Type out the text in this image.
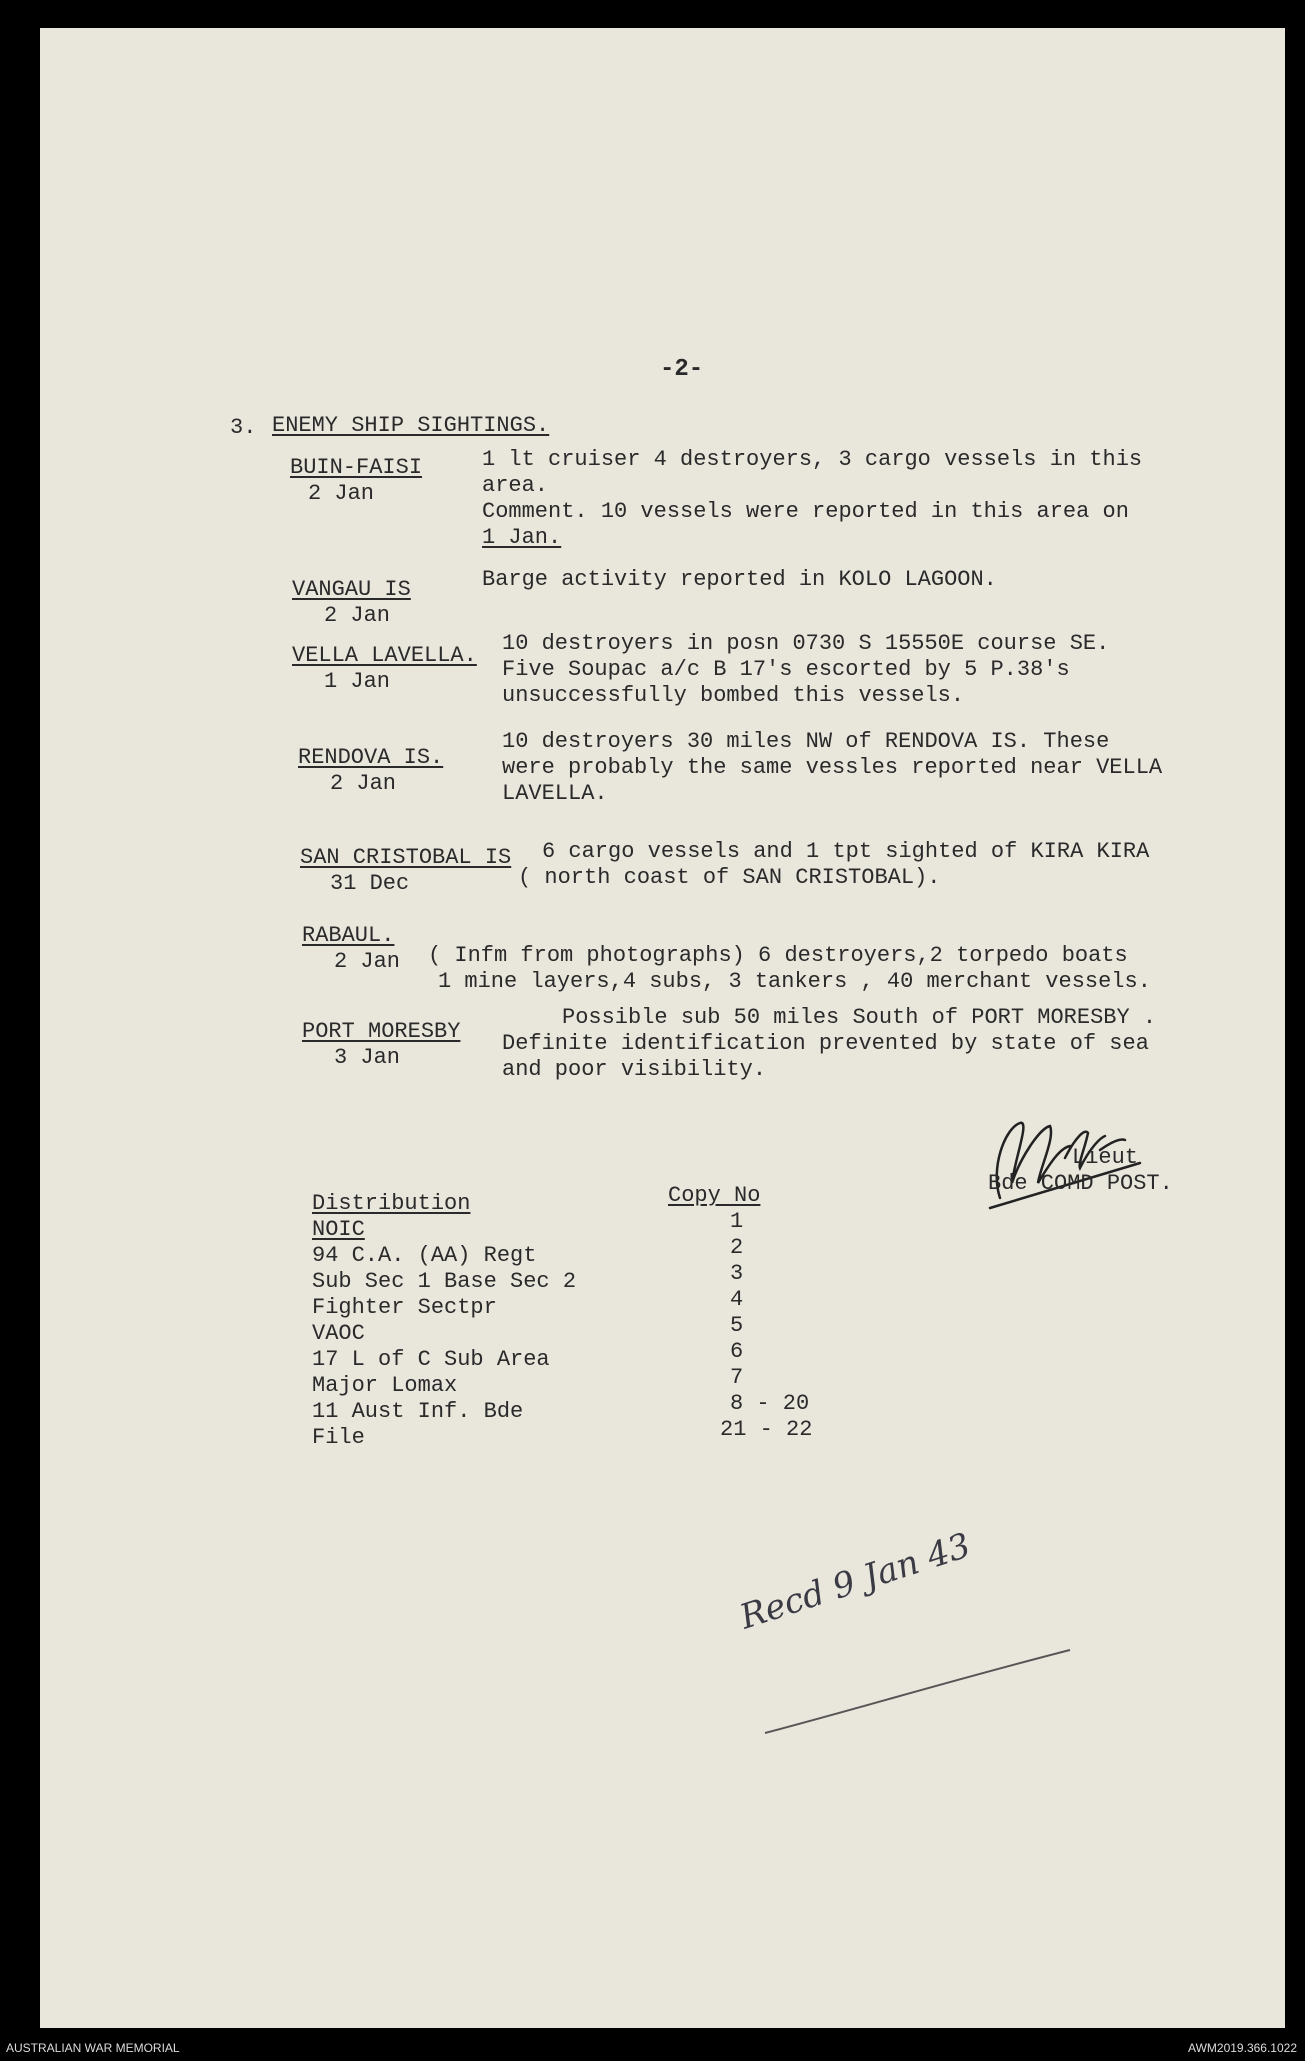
-2-
3. ENEMY SHIP SIGHTINGS.
BUIN-FAISI
2 Jan
1 lt cruiser 4 destroyers, 3 cargo vessels in this
area.
Comment. 10 vessels were reported in this area on
1 Jan.
VANGAU IS
2 Jan
Barge activity reported in KOLO LAGOON.
VELLA LAVELLA.
1 Jan
10 destroyers in posn 0730 S 15550E course SE.
Five Soupac a/c B 17's escorted by 5 P.38's
unsuccessfully bombed this vessels.
RENDOVA IS.
2 Jan
10 destroyers 30 miles NW of RENDOVA IS. These
were probably the same vessles reported near VELLA
LAVELLA.
SAN CRISTOBAL IS
31 Dec
6 cargo vessels and 1 tpt sighted of KIRA KIRA
( north coast of SAN CRISTOBAL).
RABAUL.
2 Jan ( Infm from photographs) 6 destroyers,2 torpedo boats
1 mine layers,4 subs, 3 tankers , 40 merchant vessels.
PORT MORESBY
3 Jan
Possible sub 50 miles South of PORT MORESBY .
Definite identification prevented by state of sea
and poor visibility.
Lieut
Bde COMD POST.
Distribution	Copy No
NOIC
94 C.A. (AA) Regt
Sub Sec 1 Base Sec 2
Fighter Sectpr
VAOC
17 L of C Sub Area
Major Lomax
11 Aust Inf. Bde
File
1
2
3
4
5
6
7
8 - 20
21 - 22
Recd 9 Jan 43
AUSTRALIAN WAR MEMORIAL	AWM2019.366.1022
